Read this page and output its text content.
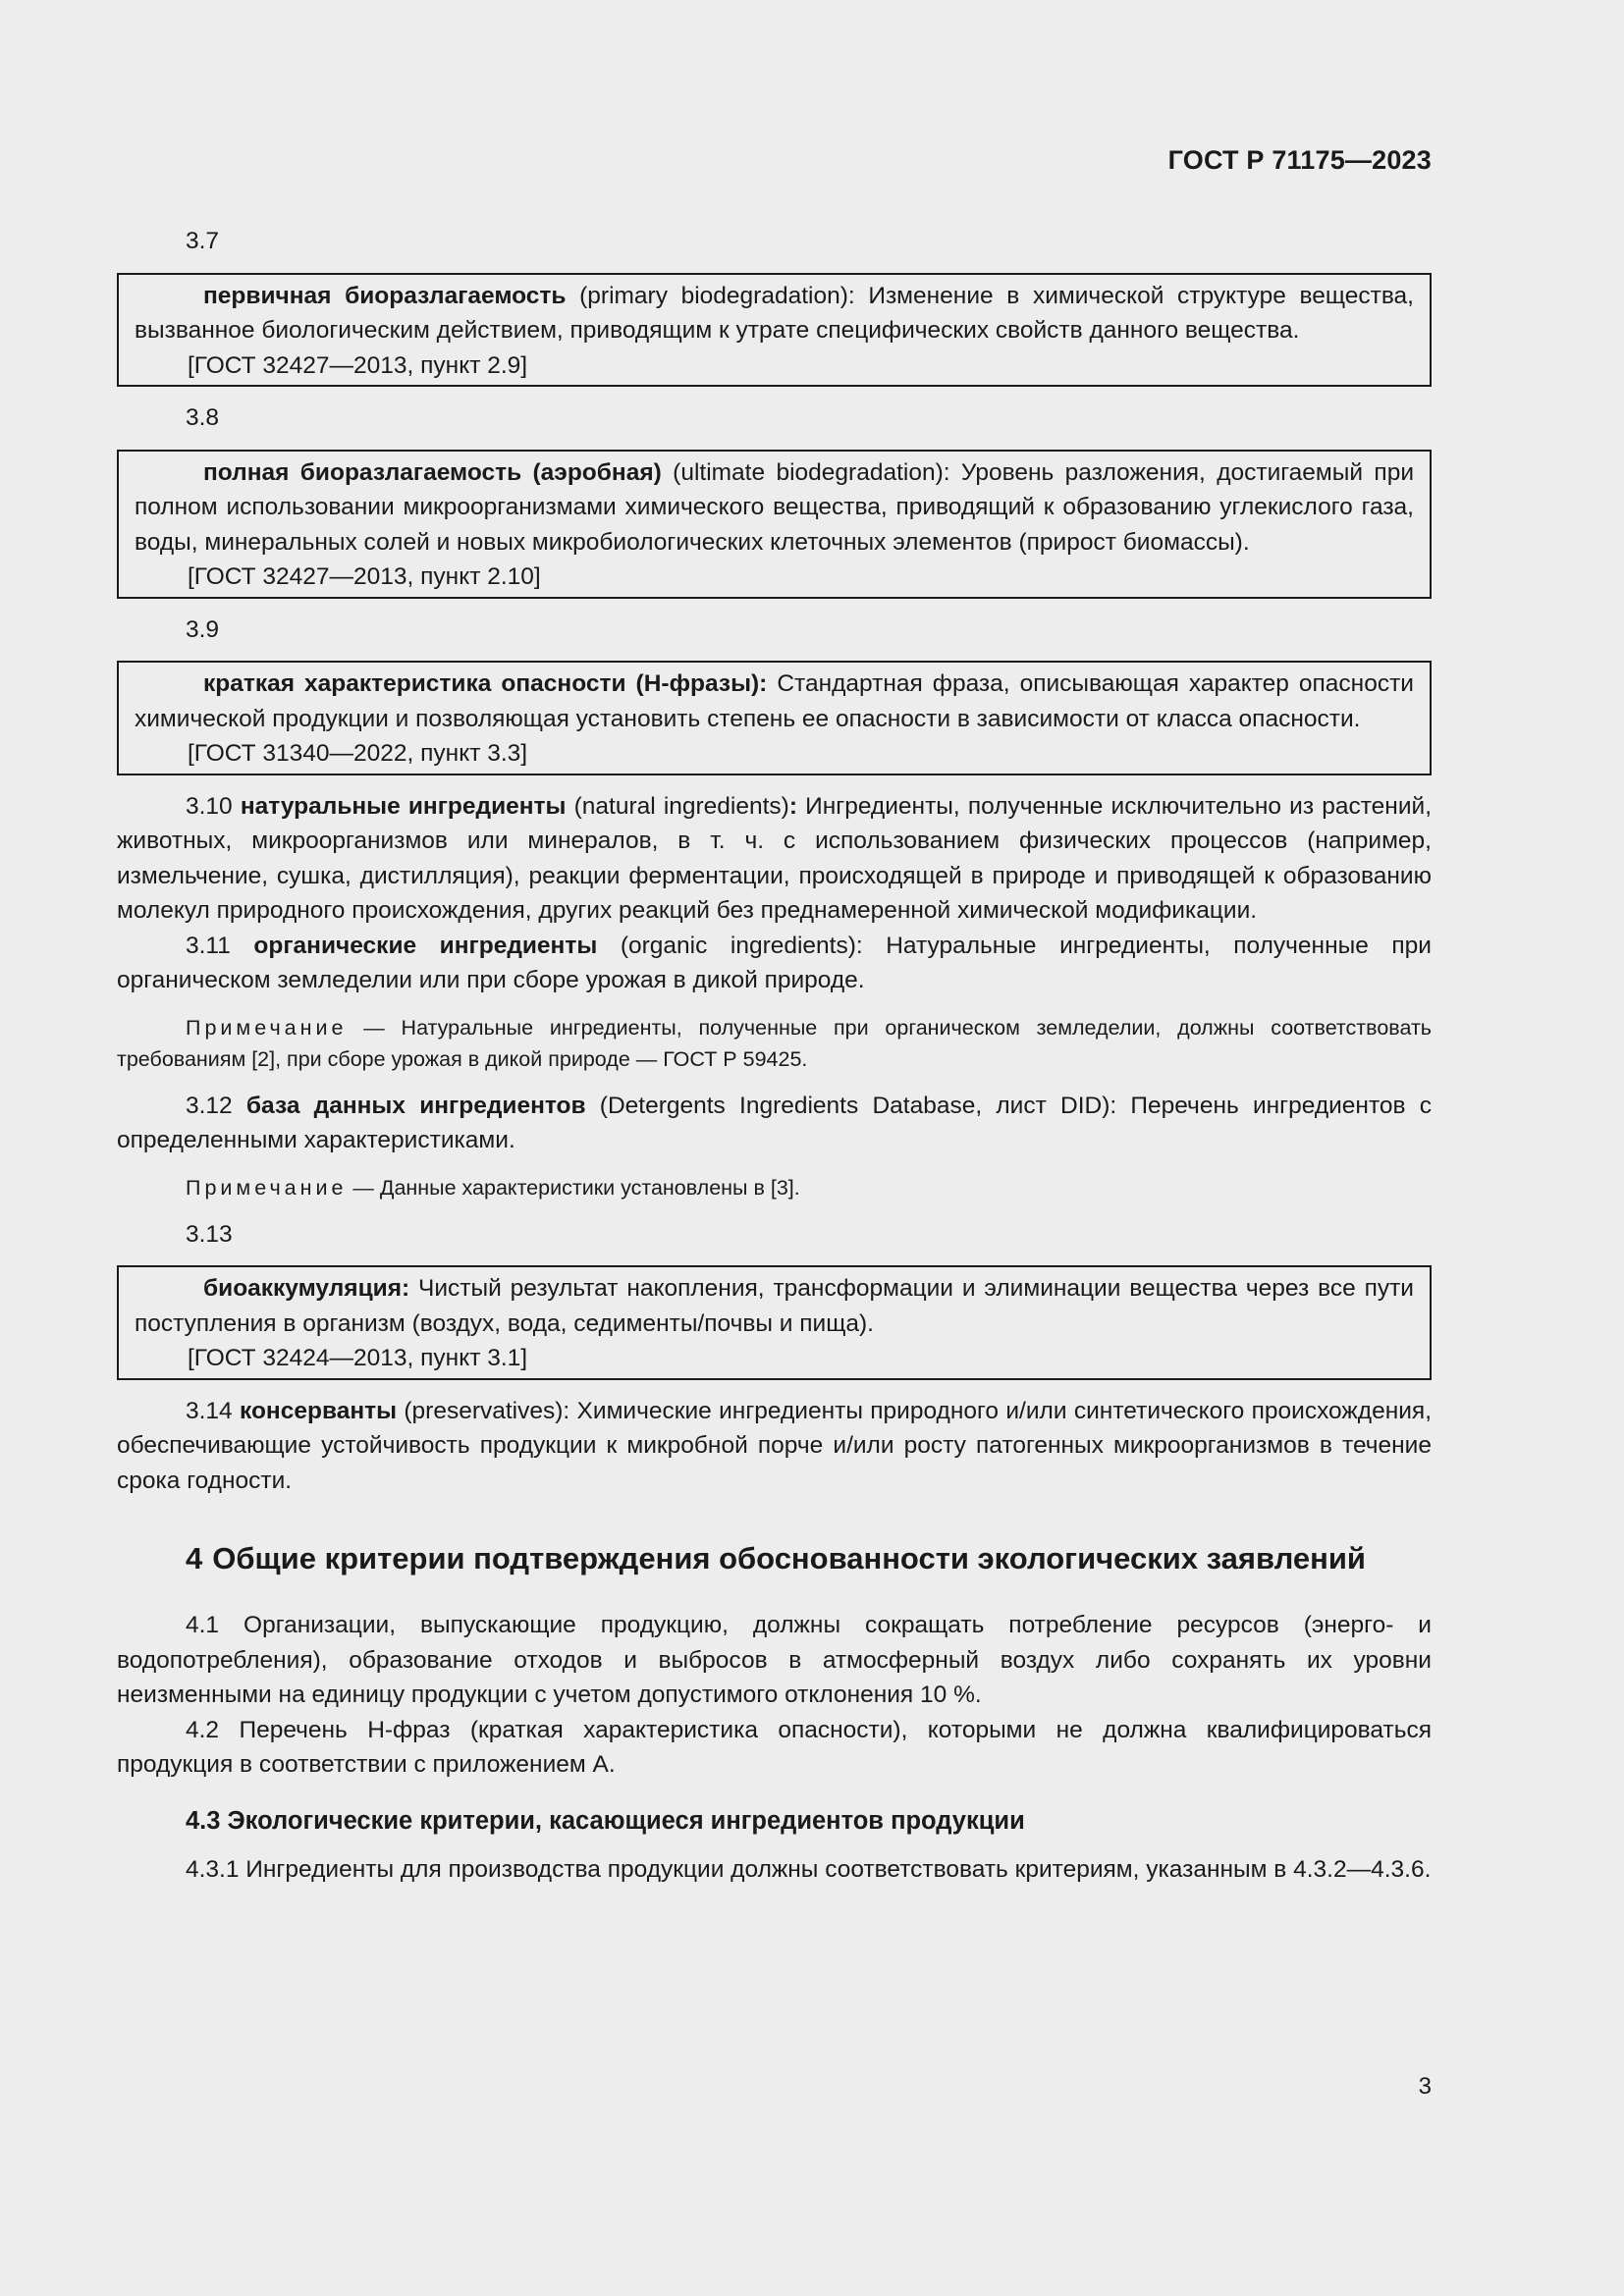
ГОСТ Р 71175—2023

3.7

первичная биоразлагаемость (primary biodegradation): Изменение в химической структуре вещества, вызванное биологическим действием, приводящим к утрате специфических свойств данного вещества.

[ГОСТ 32427—2013, пункт 2.9]

3.8

полная биоразлагаемость (аэробная) (ultimate biodegradation): Уровень разложения, достигаемый при полном использовании микроорганизмами химического вещества, приводящий к образованию углекислого газа, воды, минеральных солей и новых микробиологических клеточных элементов (прирост биомассы).

[ГОСТ 32427—2013, пункт 2.10]

3.9

краткая характеристика опасности (Н-фразы): Стандартная фраза, описывающая характер опасности химической продукции и позволяющая установить степень ее опасности в зависимости от класса опасности.

[ГОСТ 31340—2022, пункт 3.3]

3.10 натуральные ингредиенты (natural ingredients): Ингредиенты, полученные исключительно из растений, животных, микроорганизмов или минералов, в т. ч. с использованием физических процессов (например, измельчение, сушка, дистилляция), реакции ферментации, происходящей в природе и приводящей к образованию молекул природного происхождения, других реакций без преднамеренной химической модификации.

3.11 органические ингредиенты (organic ingredients): Натуральные ингредиенты, полученные при органическом земледелии или при сборе урожая в дикой природе.

Примечание — Натуральные ингредиенты, полученные при органическом земледелии, должны соответствовать требованиям [2], при сборе урожая в дикой природе — ГОСТ Р 59425.

3.12 база данных ингредиентов (Detergents Ingredients Database, лист DID): Перечень ингредиентов с определенными характеристиками.

Примечание — Данные характеристики установлены в [3].

3.13

биоаккумуляция: Чистый результат накопления, трансформации и элиминации вещества через все пути поступления в организм (воздух, вода, седименты/почвы и пища).

[ГОСТ 32424—2013, пункт 3.1]

3.14 консерванты (preservatives): Химические ингредиенты природного и/или синтетического происхождения, обеспечивающие устойчивость продукции к микробной порче и/или росту патогенных микроорганизмов в течение срока годности.

4 Общие критерии подтверждения обоснованности экологических заявлений

4.1 Организации, выпускающие продукцию, должны сокращать потребление ресурсов (энерго- и водопотребления), образование отходов и выбросов в атмосферный воздух либо сохранять их уровни неизменными на единицу продукции с учетом допустимого отклонения 10 %.

4.2 Перечень Н-фраз (краткая характеристика опасности), которыми не должна квалифицироваться продукция в соответствии с приложением А.

4.3 Экологические критерии, касающиеся ингредиентов продукции

4.3.1 Ингредиенты для производства продукции должны соответствовать критериям, указанным в 4.3.2—4.3.6.

3
